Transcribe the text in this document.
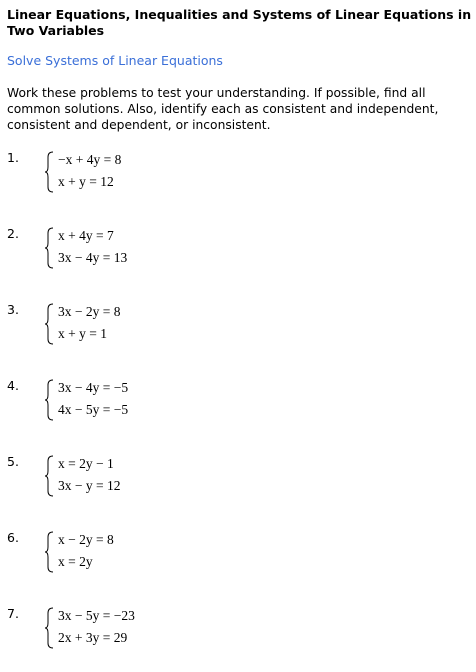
Linear Equations, Inequalities and Systems of Linear Equations in Two Variables
Solve Systems of Linear Equations
Work these problems to test your understanding. If possible, find all common solutions. Also, identify each as consistent and independent, consistent and dependent, or inconsistent.
1.	−x + 4y = 8
x + y = 12
2.	x + 4y = 7
3x − 4y = 13
3.	3x − 2y = 8
x + y = 1
4.	3x − 4y = −5
4x − 5y = −5
5.	x = 2y − 1
3x − y = 12
6.	x − 2y = 8
x = 2y
7.	3x − 5y = −23
2x + 3y = 29
